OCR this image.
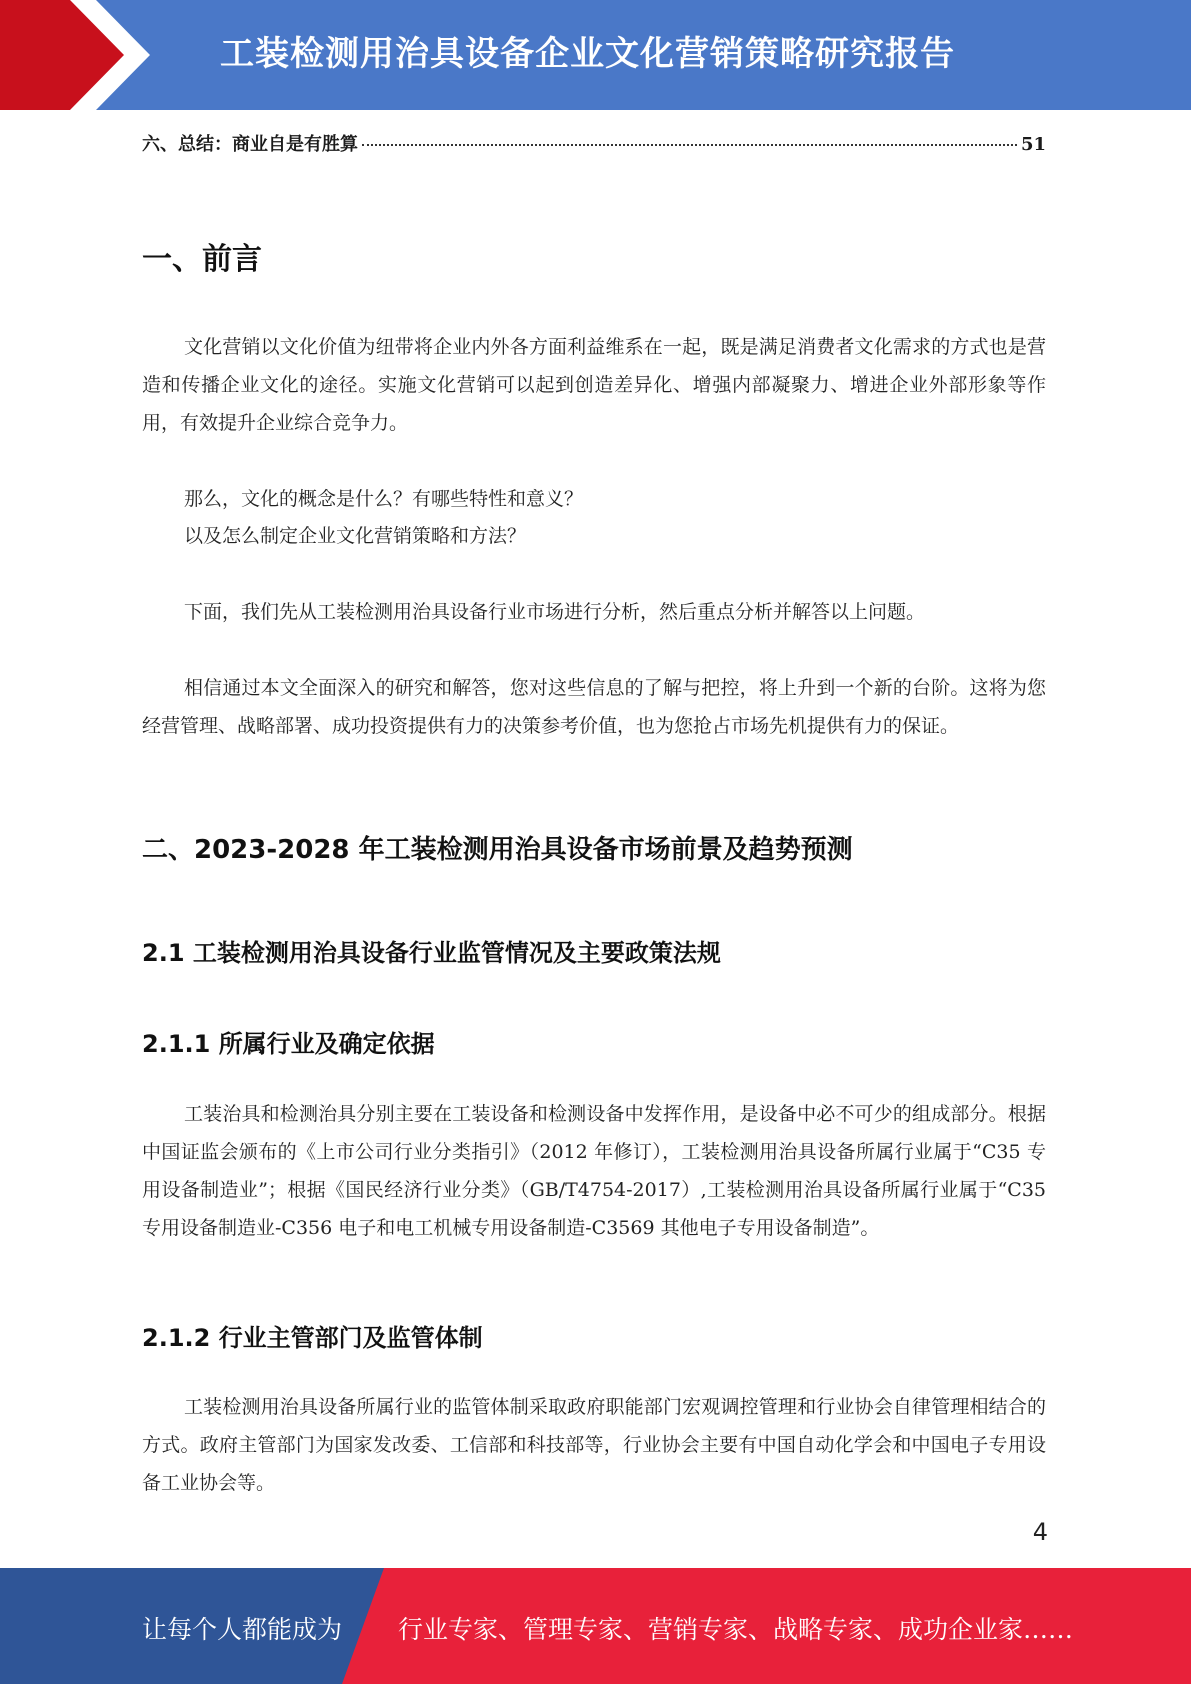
工装检测用治具设备企业文化营销策略研究报告
六、总结：商业自是有胜算	51
一、前言
文化营销以文化价值为纽带将企业内外各方面利益维系在一起，既是满足消费者文化需求的方式也是营造和传播企业文化的途径。实施文化营销可以起到创造差异化、增强内部凝聚力、增进企业外部形象等作用，有效提升企业综合竞争力。
那么，文化的概念是什么？有哪些特性和意义？
以及怎么制定企业文化营销策略和方法？
下面，我们先从工装检测用治具设备行业市场进行分析，然后重点分析并解答以上问题。
相信通过本文全面深入的研究和解答，您对这些信息的了解与把控，将上升到一个新的台阶。这将为您经营管理、战略部署、成功投资提供有力的决策参考价值，也为您抢占市场先机提供有力的保证。
二、2023-2028 年工装检测用治具设备市场前景及趋势预测
2.1 工装检测用治具设备行业监管情况及主要政策法规
2.1.1 所属行业及确定依据
工装治具和检测治具分别主要在工装设备和检测设备中发挥作用，是设备中必不可少的组成部分。根据中国证监会颁布的《上市公司行业分类指引》（2012 年修订），工装检测用治具设备所属行业属于“C35 专用设备制造业”；根据《国民经济行业分类》（GB/T4754-2017）,工装检测用治具设备所属行业属于“C35 专用设备制造业-C356 电子和电工机械专用设备制造-C3569 其他电子专用设备制造”。
2.1.2 行业主管部门及监管体制
工装检测用治具设备所属行业的监管体制采取政府职能部门宏观调控管理和行业协会自律管理相结合的方式。政府主管部门为国家发改委、工信部和科技部等，行业协会主要有中国自动化学会和中国电子专用设备工业协会等。
4
让每个人都能成为 行业专家、管理专家、营销专家、战略专家、成功企业家……
